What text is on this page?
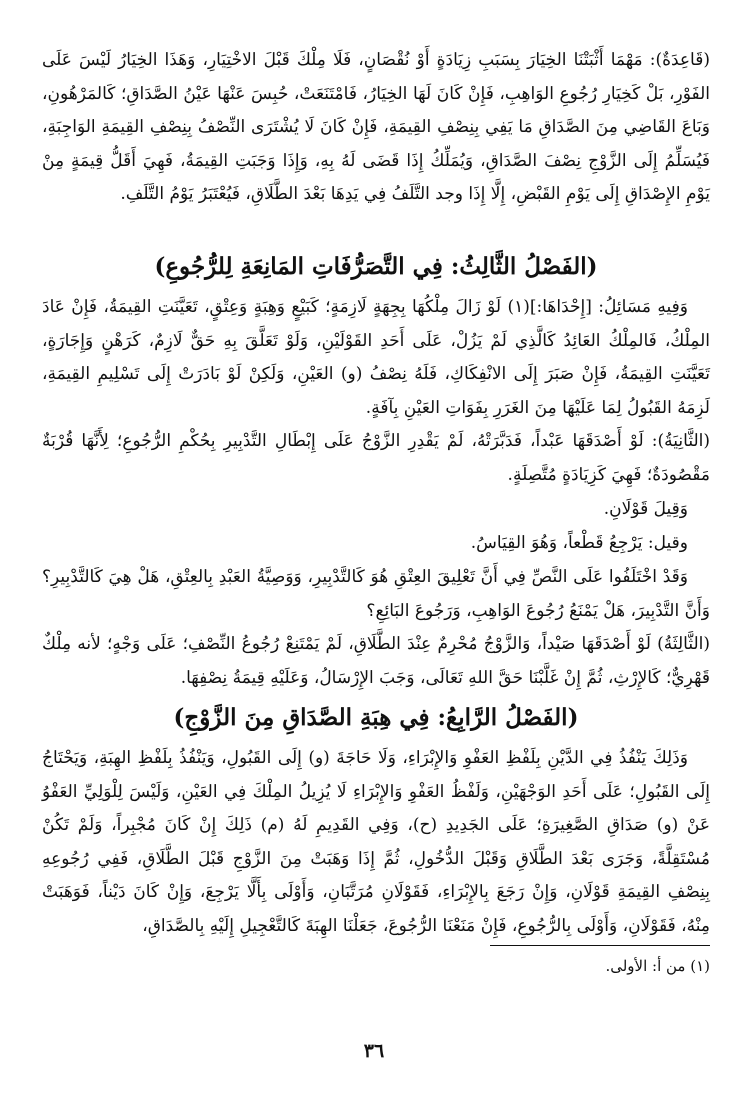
(قَاعِدَةٌ): مَهْمَا أَثْبَتْنَا الخِيَارَ بِسَبَبِ زِيَادَةٍ أَوْ نُقْصَانٍ، فَلَا مِلْكَ قَبْلَ الاخْتِيَارِ، وَهَذَا الخِيَارُ لَيْسَ عَلَى الفَوْرِ، بَلْ كَخِيَارِ رُجُوعِ الوَاهِبِ، فَإِنْ كَانَ لَهَا الخِيَارُ، فَامْتَنَعَتْ، حُبِسَ عَنْهَا عَيْنُ الصَّدَاقِ؛ كَالمَرْهُونِ، وَبَاعَ القَاضِي مِنَ الصَّدَاقِ مَا يَفِي بِنِصْفِ القِيمَةِ، فَإِنْ كَانَ لَا يُشْتَرَى النِّصْفُ بِنِصْفِ القِيمَةِ الوَاجِبَةِ، فَيُسَلِّمُ إِلَى الزَّوْجِ نِصْفَ الصَّدَاقِ، وَيُمَلِّكُ إِذَا قَضَى لَهُ بِهِ، وَإِذَا وَجَبَتِ القِيمَةُ، فَهِيَ أَقَلُّ قِيمَةٍ مِنْ يَوْمِ الإِصْدَاقِ إِلَى يَوْمِ القَبْضِ، إِلَّا إِذَا وجد التَّلَفُ فِي يَدِهَا بَعْدَ الطَّلَاقِ، فَيُعْتَبَرُ يَوْمُ التَّلَفِ.

(الفَصْلُ الثَّالِثُ: فِي التَّصَرُّفَاتِ المَانِعَةِ لِلرُّجُوعِ)

وَفِيهِ مَسَائِلُ: [إِحْدَاهَا:](١) لَوْ زَالَ مِلْكُهَا بِجِهَةٍ لَازِمَةٍ؛ كَبَيْعٍ وَهِبَةٍ وَعِتْقٍ، تَعَيَّنَتِ القِيمَةُ، فَإِنْ عَادَ المِلْكُ، فَالمِلْكُ العَائِدُ كَالَّذِي لَمْ يَزُلْ، عَلَى أَحَدِ القَوْلَيْنِ، وَلَوْ تَعَلَّقَ بِهِ حَقٌّ لَازِمٌ، كَرَهْنٍ وَإِجَارَةٍ، تَعَيَّنَتِ القِيمَةُ، فَإِنْ صَبَرَ إِلَى الانْفِكَاكِ، فَلَهُ نِصْفُ (و) العَيْنِ، وَلَكِنْ لَوْ بَادَرَتْ إِلَى تَسْلِيمِ القِيمَةِ، لَزِمَهُ القَبُولُ لِمَا عَلَيْهَا مِنَ الغَرَرِ بِفَوَاتِ العَيْنِ بِآفَةٍ.

(الثَّانِيَةُ): لَوْ أَصْدَقَهَا عَبْداً، فَدَبَّرَتْهُ، لَمْ يَقْدِرِ الزَّوْجُ عَلَى إِبْطَالِ التَّدْبِيرِ بِحُكْمِ الرُّجُوعِ؛ لِأَنَّهَا قُرْبَةٌ مَقْصُودَةٌ؛ فَهِيَ كَزِيَادَةٍ مُتَّصِلَةٍ.

وَقِيلَ قَوْلَانِ.

وقيل: يَرْجِعُ قَطْعاً، وَهُوَ القِيَاسُ.

وَقَدْ اخْتَلَفُوا عَلَى النَّصِّ فِي أَنَّ تَعْلِيقَ العِتْقِ هُوَ كَالتَّدْبِيرِ، وَوَصِيَّةُ العَبْدِ بِالعِتْقِ، هَلْ هِيَ كَالتَّدْبِيرِ؟ وَأَنَّ التَّدْبِيرَ، هَلْ يَمْنَعُ رُجُوعَ الوَاهِبِ، وَرَجُوعَ البَائِعِ؟

(الثَّالِثَةُ) لَوْ أَصْدَقَهَا صَيْداً، وَالزَّوْجُ مُحْرِمٌ عِنْدَ الطَّلَاقِ، لَمْ يَمْتَنِعْ رُجُوعُ النِّصْفِ؛ عَلَى وَجْهٍ؛ لأنه مِلْكٌ قَهْرِيٌّ؛ كَالإِرْثِ، ثُمَّ إِنْ غَلَّبْنَا حَقَّ اللهِ تَعَالَى، وَجَبَ الإِرْسَالُ، وَعَلَيْهِ قِيمَةُ نِصْفِهَا.

(الفَصْلُ الرَّابِعُ: فِي هِبَةِ الصَّدَاقِ مِنَ الزَّوْجِ)

وَذَلِكَ يَنْفُذُ فِي الدَّيْنِ بِلَفْظِ العَفْوِ وَالإِبْرَاءِ، وَلَا حَاجَةَ (و) إِلَى القَبُولِ، وَيَنْفُذُ بِلَفْظِ الهِبَةِ، وَيَحْتَاجُ إِلَى القَبُولِ؛ عَلَى أَحَدِ الوَجْهَيْنِ، وَلَفْظُ العَفْوِ وَالإِبْرَاءِ لَا يُزِيلُ المِلْكَ فِي العَيْنِ، وَلَيْسَ لِلْوَلِيِّ العَفْوُ عَنْ (و) صَدَاقِ الصَّغِيرَةِ؛ عَلَى الجَدِيدِ (ح)، وَفِي القَدِيمِ لَهُ (م) ذَلِكَ إِنْ كَانَ مُجْبِراً، وَلَمْ تَكُنْ مُسْتَقِلَّةً، وَجَرَى بَعْدَ الطَّلَاقِ وَقَبْلَ الدُّخُولِ، ثُمَّ إِذَا وَهَبَتْ مِنَ الزَّوْجِ قَبْلَ الطَّلَاقِ، فَفِي رُجُوعِهِ بِنِصْفِ القِيمَةِ قَوْلَانِ، وَإِنْ رَجَعَ بِالإِبْرَاءِ، فَقَوْلَانِ مُرَتَّبَانِ، وَأَوْلَى بِأَلَّا يَرْجِعَ، وَإِنْ كَانَ دَيْناً، فَوَهَبَتْ مِنْهُ، فَقَوْلَانِ، وَأَوْلَى بِالرُّجُوعِ، فَإِنْ مَنَعْنَا الرُّجُوعَ، جَعَلْنَا الهِبَةَ كَالتَّعْجِيلِ إِلَيْهِ بِالصَّدَاقِ،

(١) من أ: الأولى.

٣٦
